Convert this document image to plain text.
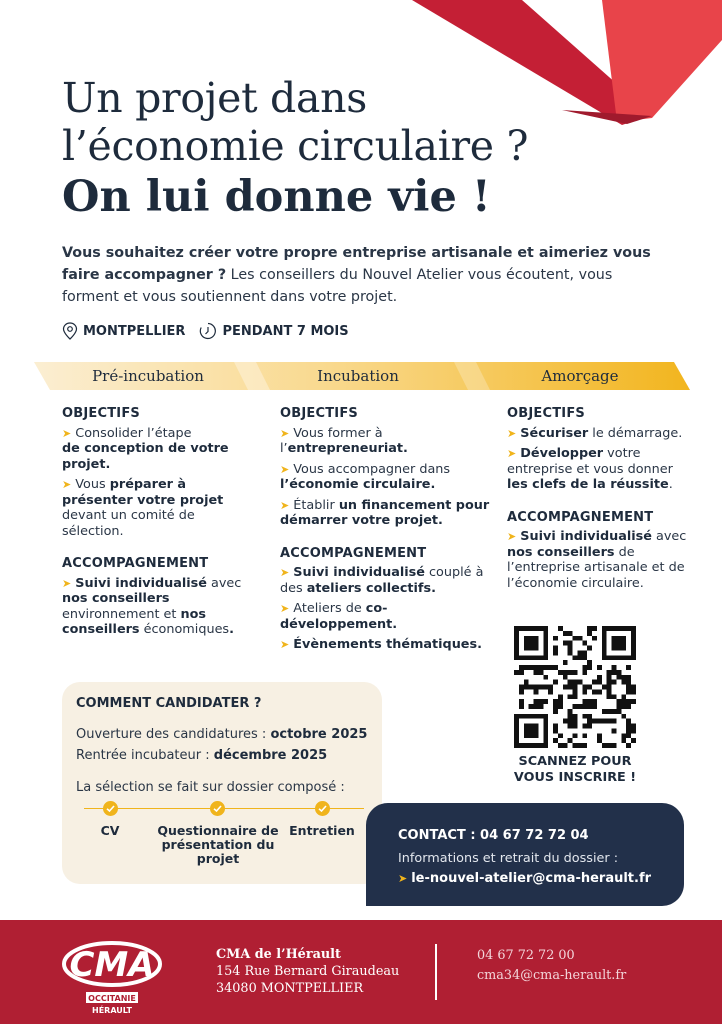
Un projet dans
l’économie circulaire ?
On lui donne vie !

Vous souhaitez créer votre propre entreprise artisanale et aimeriez vous faire accompagner ? Les conseillers du Nouvel Atelier vous écoutent, vous forment et vous soutiennent dans votre projet.

MONTPELLIER	PENDANT 7 MOIS
Pré-incubation	Incubation	Amorçage
OBJECTIFS
➤ Consolider l’étape
de conception de votre projet.
➤ Vous préparer à présenter votre projet devant un comité de sélection.
ACCOMPAGNEMENT
➤ Suivi individualisé avec nos conseillers environnement et nos conseillers économiques.
OBJECTIFS
➤ Vous former à l’entrepreneuriat.
➤ Vous accompagner dans l’économie circulaire.
➤ Établir un financement pour démarrer votre projet.
ACCOMPAGNEMENT
➤ Suivi individualisé couplé à des ateliers collectifs.
➤ Ateliers de co-développement.
➤ Évènements thématiques.
OBJECTIFS
➤ Sécuriser le démarrage.
➤ Développer votre entreprise et vous donner les clefs de la réussite.
ACCOMPAGNEMENT
➤ Suivi individualisé avec nos conseillers de l’entreprise artisanale et de l’économie circulaire.
COMMENT CANDIDATER ?
Ouverture des candidatures : octobre 2025
Rentrée incubateur : décembre 2025
La sélection se fait sur dossier composé :
CV	Questionnaire de présentation du projet
Entretien
SCANNEZ POUR VOUS INSCRIRE !
CONTACT : 04 67 72 72 04
Informations et retrait du dossier :
➤ le-nouvel-atelier@cma-herault.fr
CMA
OCCITANIE
HÉRAULT
CMA de l’Hérault
154 Rue Bernard Giraudeau
34080 MONTPELLIER
04 67 72 72 00
cma34@cma-herault.fr
